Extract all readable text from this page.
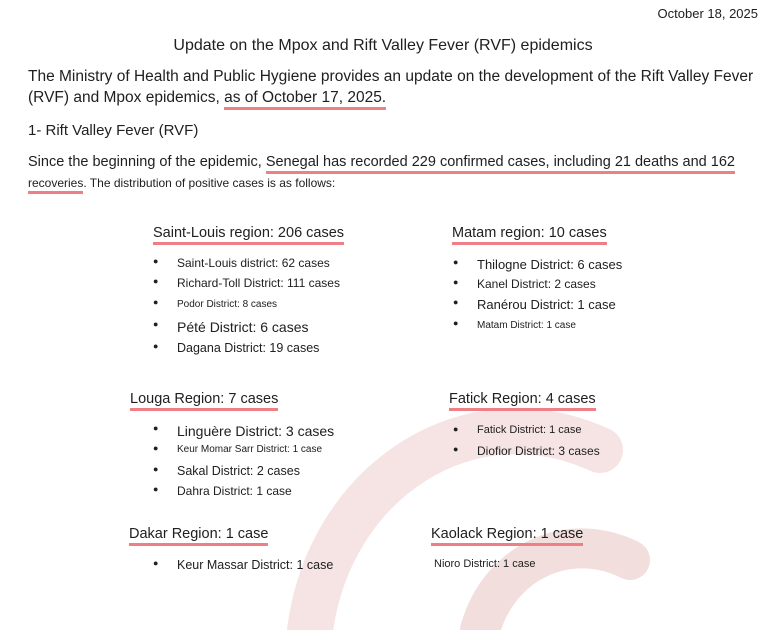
October 18, 2025
Update on the Mpox and Rift Valley Fever (RVF) epidemics
The Ministry of Health and Public Hygiene provides an update on the development of the Rift Valley Fever (RVF) and Mpox epidemics, as of October 17, 2025.
1- Rift Valley Fever (RVF)
Since the beginning of the epidemic, Senegal has recorded 229 confirmed cases, including 21 deaths and 162
recoveries. The distribution of positive cases is as follows:
Saint-Louis region: 206 cases
● Saint-Louis district: 62 cases
● Richard-Toll District: 111 cases
● Podor District: 8 cases
● Pété District: 6 cases
● Dagana District: 19 cases
Matam region: 10 cases
● Thilogne District: 6 cases
● Kanel District: 2 cases
● Ranérou District: 1 case
● Matam District: 1 case
Louga Region: 7 cases
● Linguère District: 3 cases
● Keur Momar Sarr District: 1 case
● Sakal District: 2 cases
● Dahra District: 1 case
Fatick Region: 4 cases
● Fatick District: 1 case
● Diofior District: 3 cases
Dakar Region: 1 case
● Keur Massar District: 1 case
Kaolack Region: 1 case
Nioro District: 1 case
